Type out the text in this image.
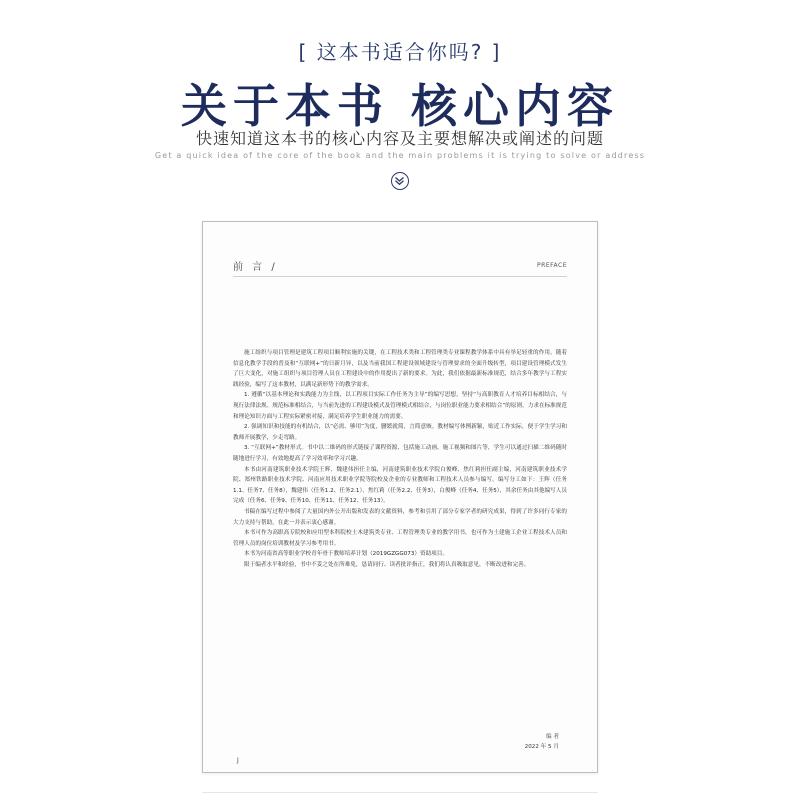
[ 这本书适合你吗? ]
关于本书 核心内容
快速知道这本书的核心内容及主要想解决或阐述的问题
Get a quick idea of the core of the book and the main problems it is trying to solve or address
前 言 /	PREFACE

施工组织与项目管理是建筑工程项目顺利实施的关键，在工程技术类和工程管理类专业课程教学体系中具有举足轻重的作用。随着信息化教学手段的普及和“互联网+”的日新月异，以及当前我国工程建设领域建设与管理要求的全面升级转型，项目建设管理模式发生了巨大变化，对施工组织与项目管理人员在工程建设中的作用提出了新的要求。为此，我们依据最新标准规范，结合多年教学与工程实践经验，编写了这本教材，以满足新形势下的教学需求。

1. 遵循“以基本理论和实践能力为主线，以工程项目实际工作任务为主导”的编写思想，坚持“与高职教育人才培养目标相结合，与现行法律法规、规范标准相结合，与当前先进的工程建设模式及管理模式相结合，与岗位职业能力要求相结合”的原则，力求在标准规范和理论知识方面与工程实际紧密对接，满足培养学生职业能力的需要。

2. 强调知识和技能的有机结合，以“必需、够用”为度，删繁就简，言简意赅。教材编写体例新颖，贴近工作实际，便于学生学习和教师开展教学，少走弯路。

3. “互联网+”教材形式。书中以二维码的形式链接了课程资源，包括施工动画、施工视频和图片等，学生可以通过扫描二维码随时随地进行学习，有效地提高了学习效率和学习兴趣。

本书由河南建筑职业技术学院王辉、魏建伟担任主编，河南建筑职业技术学院白俊峰、焦红莉担任副主编，河南建筑职业技术学院、郑州铁路职业技术学院、河南应用技术职业学院等院校及企业的专业教师和工程技术人员参与编写。编写分工如下：王辉（任务1.1、任务7、任务8），魏建伟（任务1.2、任务2.1），焦红莉（任务2.2、任务3），白俊峰（任务4、任务5），其余任务由其他编写人员完成（任务6、任务9、任务10、任务11、任务12、任务13）。

书稿在编写过程中参阅了大量国内外公开出版和发表的文献资料，参考和引用了部分专家学者的研究成果，得到了许多同行专家的大力支持与帮助，在此一并表示衷心感谢。

本书可作为高职高专院校和应用型本科院校土木建筑类专业、工程管理类专业的教学用书，也可作为土建施工企业工程技术人员和管理人员的岗位培训教材及学习参考用书。

本书为河南省高等职业学校青年骨干教师培养计划（2019GZGG073）资助项目。

限于编者水平和经验，书中不妥之处在所难免，恳请同行、读者批评指正，我们将认真吸取意见，不断改进和完善。

编 者
2022 年 5 月
J
